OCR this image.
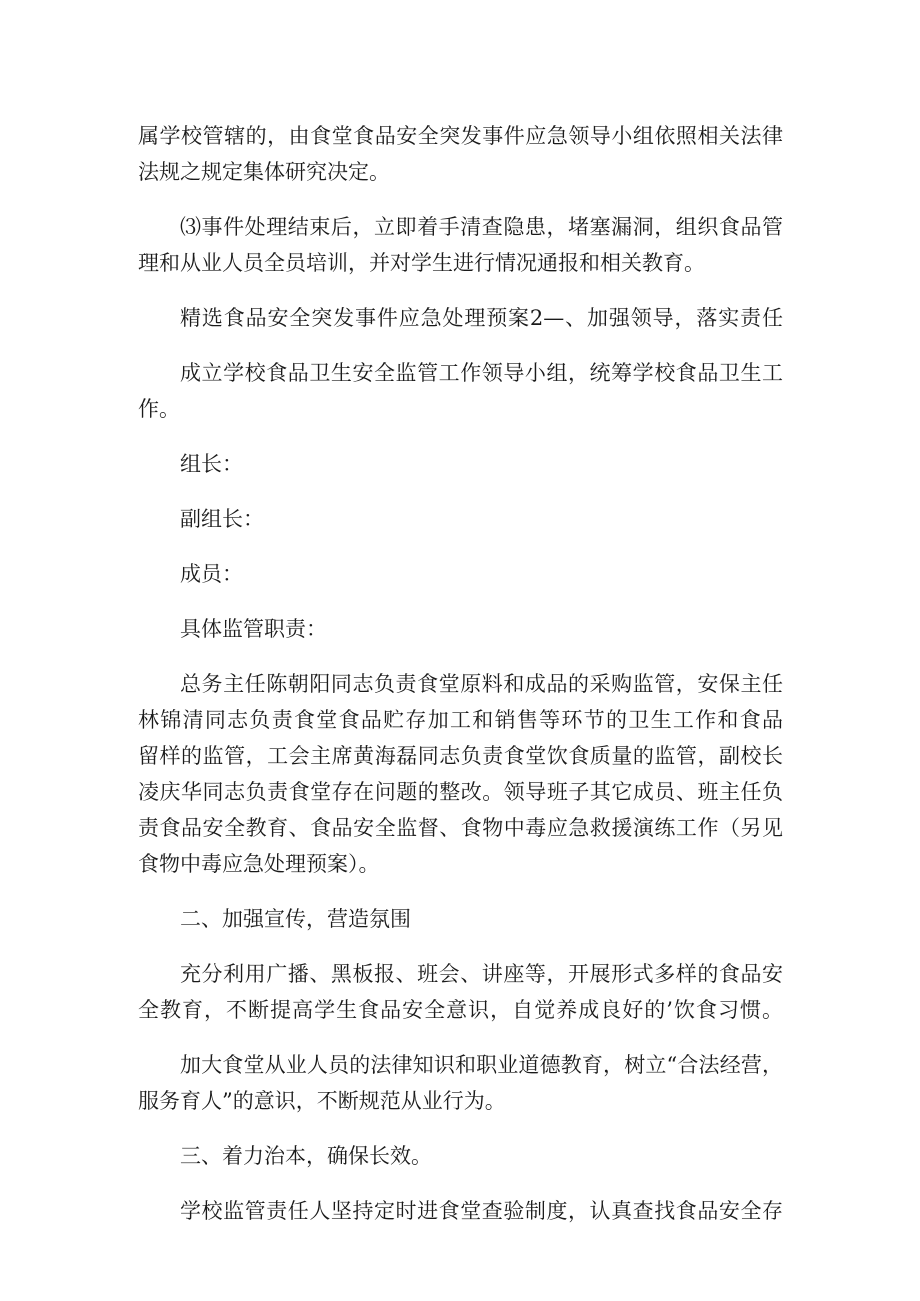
属学校管辖的，由食堂食品安全突发事件应急领导小组依照相关法律
法规之规定集体研究决定。
⑶事件处理结束后，立即着手清查隐患，堵塞漏洞，组织食品管
理和从业人员全员培训，并对学生进行情况通报和相关教育。
精选食品安全突发事件应急处理预案2—、加强领导，落实责任
成立学校食品卫生安全监管工作领导小组，统筹学校食品卫生工
作。
组长：
副组长：
成员：
具体监管职责：
总务主任陈朝阳同志负责食堂原料和成品的采购监管，安保主任
林锦清同志负责食堂食品贮存加工和销售等环节的卫生工作和食品
留样的监管，工会主席黄海磊同志负责食堂饮食质量的监管，副校长
凌庆华同志负责食堂存在问题的整改。领导班子其它成员、班主任负
责食品安全教育、食品安全监督、食物中毒应急救援演练工作（另见
食物中毒应急处理预案）。
二、加强宣传，营造氛围
充分利用广播、黑板报、班会、讲座等，开展形式多样的食品安
全教育，不断提高学生食品安全意识，自觉养成良好的’饮食习惯。
加大食堂从业人员的法律知识和职业道德教育，树立“合法经营，
服务育人”的意识，不断规范从业行为。
三、着力治本，确保长效。
学校监管责任人坚持定时进食堂查验制度，认真查找食品安全存
